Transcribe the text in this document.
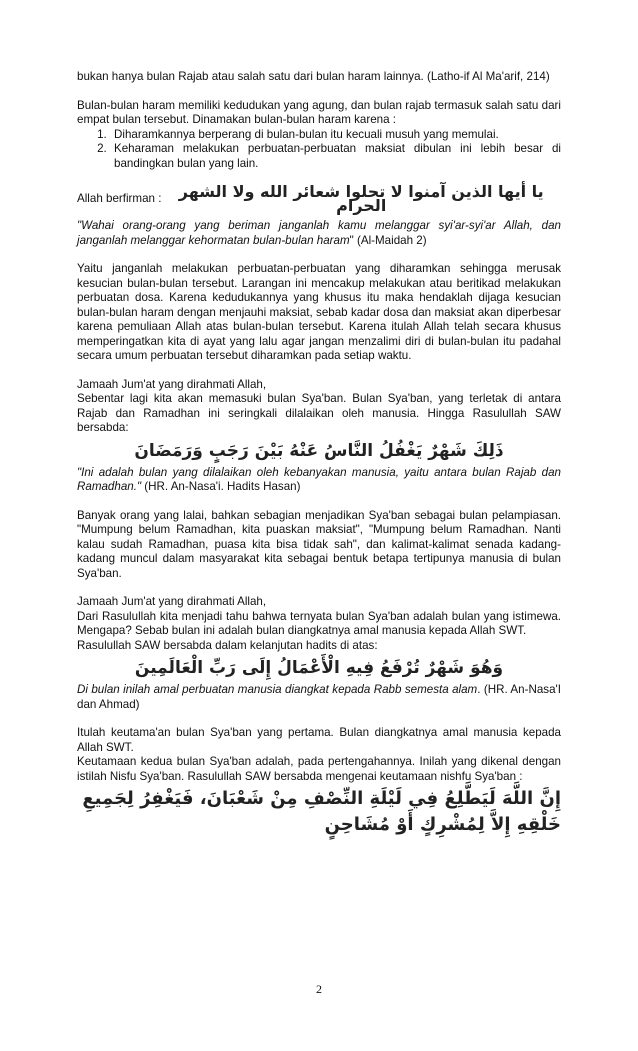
bukan hanya bulan Rajab atau salah satu dari bulan haram lainnya. (Latho-if Al Ma'arif, 214)

Bulan-bulan haram memiliki kedudukan yang agung, dan bulan rajab termasuk salah satu dari empat bulan tersebut. Dinamakan bulan-bulan haram karena :

1. Diharamkannya berperang di bulan-bulan itu kecuali musuh yang memulai.
2. Keharaman melakukan perbuatan-perbuatan maksiat dibulan ini lebih besar di bandingkan bulan yang lain.
Allah berfirman :	يا أيها الذين آمنوا لا تحلوا شعائر الله ولا الشهر الحرام

"Wahai orang-orang yang beriman janganlah kamu melanggar syi'ar-syi'ar Allah, dan janganlah melanggar kehormatan bulan-bulan haram" (Al-Maidah 2)

Yaitu janganlah melakukan perbuatan-perbuatan yang diharamkan sehingga merusak kesucian bulan-bulan tersebut. Larangan ini mencakup melakukan atau beritikad melakukan perbuatan dosa. Karena kedudukannya yang khusus itu maka hendaklah dijaga kesucian bulan-bulan haram dengan menjauhi maksiat, sebab kadar dosa dan maksiat akan diperbesar karena pemuliaan Allah atas bulan-bulan tersebut. Karena itulah Allah telah secara khusus memperingatkan kita di ayat yang lalu agar jangan menzalimi diri di bulan-bulan itu padahal secara umum perbuatan tersebut diharamkan pada setiap waktu.

Jamaah Jum'at yang dirahmati Allah,

Sebentar lagi kita akan memasuki bulan Sya'ban. Bulan Sya'ban, yang terletak di antara Rajab dan Ramadhan ini seringkali dilalaikan oleh manusia. Hingga Rasulullah SAW bersabda:

ذَلِكَ شَهْرٌ يَغْفُلُ النَّاسُ عَنْهُ بَيْنَ رَجَبٍ وَرَمَضَانَ

"Ini adalah bulan yang dilalaikan oleh kebanyakan manusia, yaitu antara bulan Rajab dan Ramadhan." (HR. An-Nasa'i. Hadits Hasan)

Banyak orang yang lalai, bahkan sebagian menjadikan Sya'ban sebagai bulan pelampiasan. "Mumpung belum Ramadhan, kita puaskan maksiat", "Mumpung belum Ramadhan. Nanti kalau sudah Ramadhan, puasa kita bisa tidak sah", dan kalimat-kalimat senada kadang-kadang muncul dalam masyarakat kita sebagai bentuk betapa tertipunya manusia di bulan Sya'ban.

Jamaah Jum'at yang dirahmati Allah,

Dari Rasulullah kita menjadi tahu bahwa ternyata bulan Sya'ban adalah bulan yang istimewa. Mengapa? Sebab bulan ini adalah bulan diangkatnya amal manusia kepada Allah SWT.

Rasulullah SAW bersabda dalam kelanjutan hadits di atas:

وَهُوَ شَهْرٌ تُرْفَعُ فِيهِ الْأَعْمَالُ إِلَى رَبِّ الْعَالَمِينَ

Di bulan inilah amal perbuatan manusia diangkat kepada Rabb semesta alam. (HR. An-Nasa'I dan Ahmad)

Itulah keutama'an bulan Sya'ban yang pertama. Bulan diangkatnya amal manusia kepada Allah SWT.

Keutamaan kedua bulan Sya'ban adalah, pada pertengahannya. Inilah yang dikenal dengan istilah Nisfu Sya'ban. Rasulullah SAW bersabda mengenai keutamaan nishfu Sya'ban :

إِنَّ اللَّهَ لَيَطَّلِعُ فِي لَيْلَةِ النِّصْفِ مِنْ شَعْبَانَ، فَيَغْفِرُ لِجَمِيعِ خَلْقِهِ إِلاَّ لِمُشْرِكٍ أَوْ مُشَاحِنٍ
2
